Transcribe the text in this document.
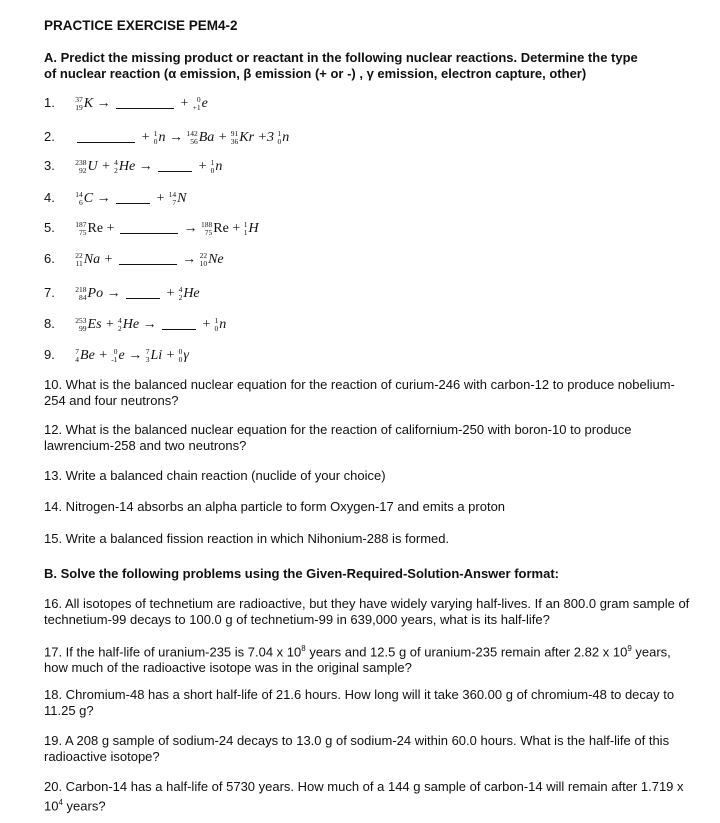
PRACTICE EXERCISE PEM4-2
A. Predict the missing product or reactant in the following nuclear reactions. Determine the type
of nuclear reaction (α emission, β emission (+ or -) , γ emission, electron capture, other)
1.	37
19 K →	+	0
+1 e
2.	+ 1
0 n → 142
56 Ba + 91
36 Kr +3 1
0 n
3.	238
92 U + 4
2 He →	+ 1
0 n
4.	14
6 C →	+ 14
7 N
5.	187
75 Re +	→ 188
75 Re + 1
1 H
6.	22
11 Na +	→ 22
10 Ne
7.	218
84 Po →	+ 4
2 He
8.	253
99 Es + 4
2 He →	+ 1
0 n
9.	7
4 Be + 0
-1 e → 7
3 Li + 0
0 γ
10. What is the balanced nuclear equation for the reaction of curium-246 with carbon-12 to produce nobelium-254 and four neutrons?
12. What is the balanced nuclear equation for the reaction of californium-250 with boron-10 to produce lawrencium-258 and two neutrons?
13. Write a balanced chain reaction (nuclide of your choice)
14. Nitrogen-14 absorbs an alpha particle to form Oxygen-17 and emits a proton
15. Write a balanced fission reaction in which Nihonium-288 is formed.
B. Solve the following problems using the Given-Required-Solution-Answer format:
16. All isotopes of technetium are radioactive, but they have widely varying half-lives. If an 800.0 gram sample of technetium-99 decays to 100.0 g of technetium-99 in 639,000 years, what is its half-life?
17. If the half-life of uranium-235 is 7.04 x $10^8$ years and 12.5 g of uranium-235 remain after 2.82 x $10^9$ years, how much of the radioactive isotope was in the original sample?
18. Chromium-48 has a short half-life of 21.6 hours. How long will it take 360.00 g of chromium-48 to decay to 11.25 g?
19. A 208 g sample of sodium-24 decays to 13.0 g of sodium-24 within 60.0 hours. What is the half-life of this radioactive isotope?
20. Carbon-14 has a half-life of 5730 years. How much of a 144 g sample of carbon-14 will remain after 1.719 x $10^4$ years?
